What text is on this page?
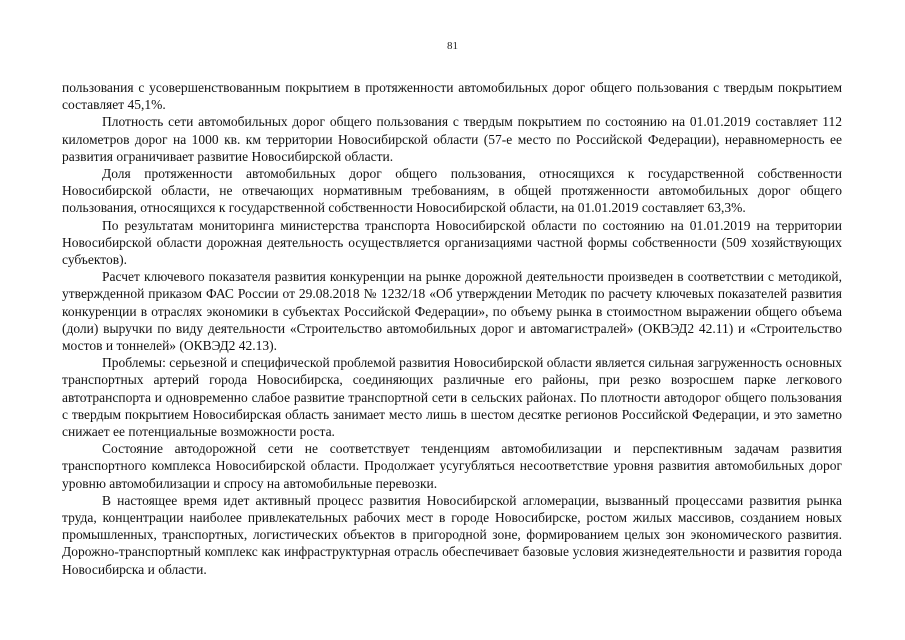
81

пользования с усовершенствованным покрытием в протяженности автомобильных дорог общего пользования с твердым покрытием составляет 45,1%.

Плотность сети автомобильных дорог общего пользования с твердым покрытием по состоянию на 01.01.2019 составляет 112 километров дорог на 1000 кв. км территории Новосибирской области (57-е место по Российской Федерации), неравномерность ее развития ограничивает развитие Новосибирской области.

Доля протяженности автомобильных дорог общего пользования, относящихся к государственной собственности Новосибирской области, не отвечающих нормативным требованиям, в общей протяженности автомобильных дорог общего пользования, относящихся к государственной собственности Новосибирской области, на 01.01.2019 составляет 63,3%.

По результатам мониторинга министерства транспорта Новосибирской области по состоянию на 01.01.2019 на территории Новосибирской области дорожная деятельность осуществляется организациями частной формы собственности (509 хозяйствующих субъектов).

Расчет ключевого показателя развития конкуренции на рынке дорожной деятельности произведен в соответствии с методикой, утвержденной приказом ФАС России от 29.08.2018 № 1232/18 «Об утверждении Методик по расчету ключевых показателей развития конкуренции в отраслях экономики в субъектах Российской Федерации», по объему рынка в стоимостном выражении общего объема (доли) выручки по виду деятельности «Строительство автомобильных дорог и автомагистралей» (ОКВЭД2 42.11) и «Строительство мостов и тоннелей» (ОКВЭД2 42.13).

Проблемы: серьезной и специфической проблемой развития Новосибирской области является сильная загруженность основных транспортных артерий города Новосибирска, соединяющих различные его районы, при резко возросшем парке легкового автотранспорта и одновременно слабое развитие транспортной сети в сельских районах. По плотности автодорог общего пользования с твердым покрытием Новосибирская область занимает место лишь в шестом десятке регионов Российской Федерации, и это заметно снижает ее потенциальные возможности роста.

Состояние автодорожной сети не соответствует тенденциям автомобилизации и перспективным задачам развития транспортного комплекса Новосибирской области. Продолжает усугубляться несоответствие уровня развития автомобильных дорог уровню автомобилизации и спросу на автомобильные перевозки.

В настоящее время идет активный процесс развития Новосибирской агломерации, вызванный процессами развития рынка труда, концентрации наиболее привлекательных рабочих мест в городе Новосибирске, ростом жилых массивов, созданием новых промышленных, транспортных, логистических объектов в пригородной зоне, формированием целых зон экономического развития. Дорожно-транспортный комплекс как инфраструктурная отрасль обеспечивает базовые условия жизнедеятельности и развития города Новосибирска и области.
